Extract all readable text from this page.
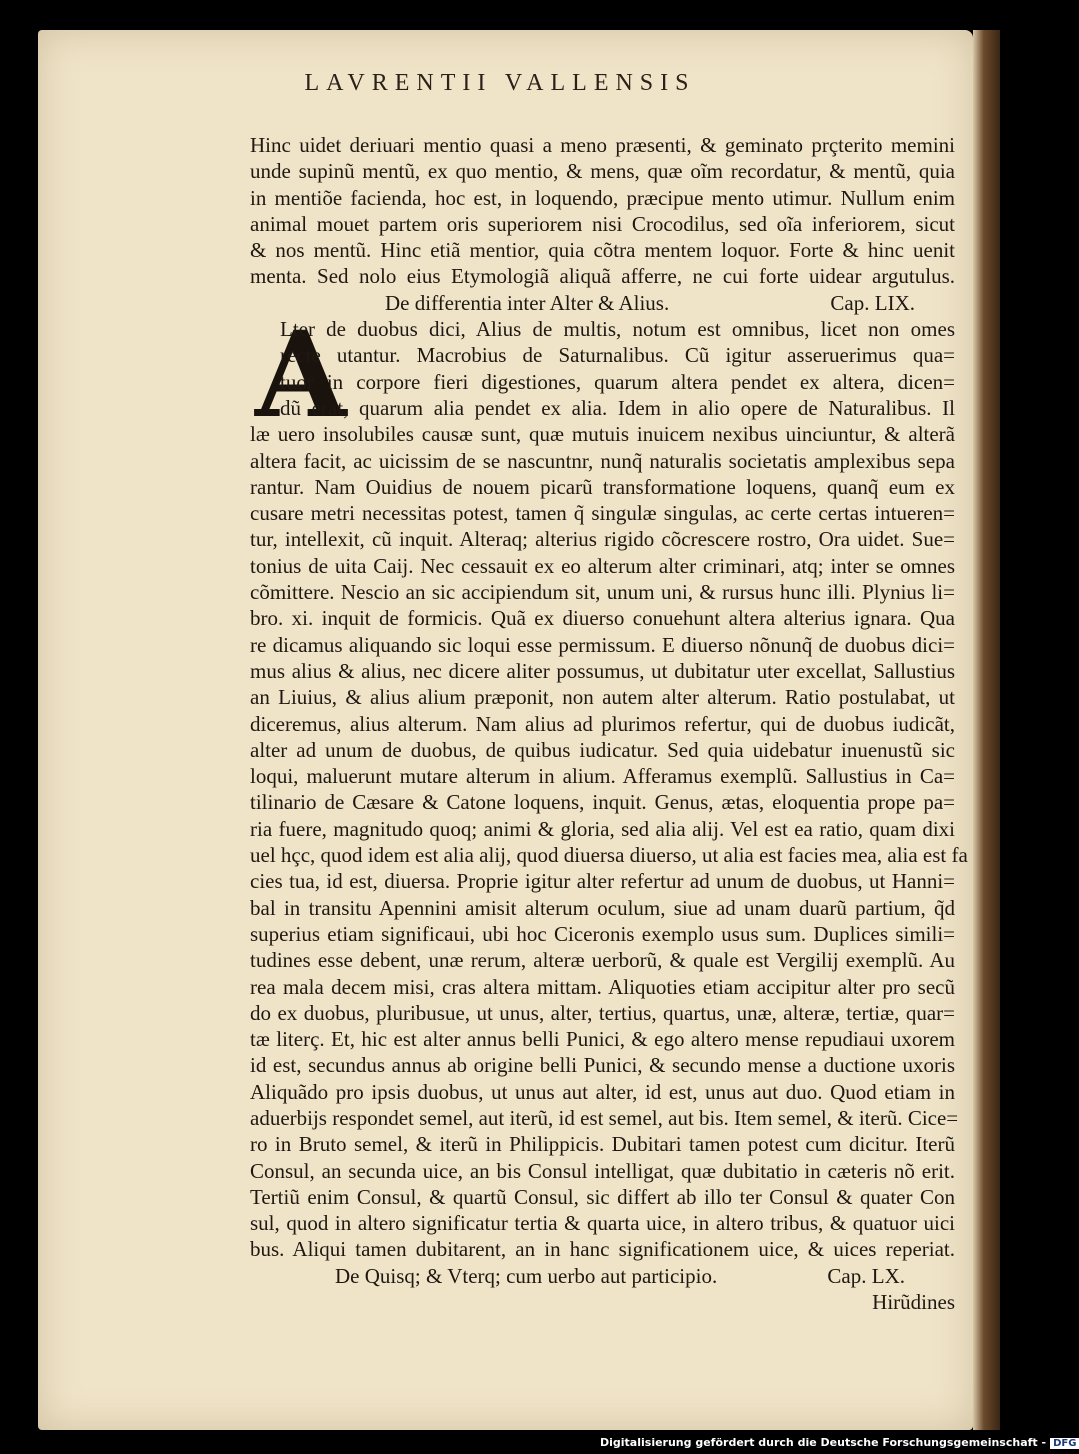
LAVRENTII VALLENSIS
A
Hinc uidet deriuari mentio quasi a meno præsenti, & geminato prçterito memini
unde supinũ mentũ, ex quo mentio, & mens, quæ oĩm recordatur, & mentũ, quia
in mentiõe facienda, hoc est, in loquendo, præcipue mento utimur. Nullum enim
animal mouet partem oris superiorem nisi Crocodilus, sed oĩa inferiorem, sicut
& nos mentũ. Hinc etiã mentior, quia cõtra mentem loquor. Forte & hinc uenit
menta. Sed nolo eius Etymologiã aliquã afferre, ne cui forte uidear argutulus.
De differentia inter Alter & Alius.	Cap. LIX.
Lter de duobus dici, Alius de multis, notum est omnibus, licet non omes
recte utantur. Macrobius de Saturnalibus. Cũ igitur asseruerimus qua=
tuor in corpore fieri digestiones, quarum altera pendet ex altera, dicen=
dũ erat, quarum alia pendet ex alia. Idem in alio opere de Naturalibus. Il
læ uero insolubiles causæ sunt, quæ mutuis inuicem nexibus uinciuntur, & alterã
altera facit, ac uicissim de se nascuntnr, nunq̃ naturalis societatis amplexibus sepa
rantur. Nam Ouidius de nouem picarũ transformatione loquens, quanq̃ eum ex
cusare metri necessitas potest, tamen q̃ singulæ singulas, ac certe certas intueren=
tur, intellexit, cũ inquit. Alteraq; alterius rigido cõcrescere rostro, Ora uidet. Sue=
tonius de uita Caij. Nec cessauit ex eo alterum alter criminari, atq; inter se omnes
cõmittere. Nescio an sic accipiendum sit, unum uni, & rursus hunc illi. Plynius li=
bro. xi. inquit de formicis. Quã ex diuerso conuehunt altera alterius ignara. Qua
re dicamus aliquando sic loqui esse permissum. E diuerso nõnunq̃ de duobus dici=
mus alius & alius, nec dicere aliter possumus, ut dubitatur uter excellat, Sallustius
an Liuius, & alius alium præponit, non autem alter alterum. Ratio postulabat, ut
diceremus, alius alterum. Nam alius ad plurimos refertur, qui de duobus iudicãt,
alter ad unum de duobus, de quibus iudicatur. Sed quia uidebatur inuenustũ sic
loqui, maluerunt mutare alterum in alium. Afferamus exemplũ. Sallustius in Ca=
tilinario de Cæsare & Catone loquens, inquit. Genus, ætas, eloquentia prope pa=
ria fuere, magnitudo quoq; animi & gloria, sed alia alij. Vel est ea ratio, quam dixi
uel hçc, quod idem est alia alij, quod diuersa diuerso, ut alia est facies mea, alia est fa
cies tua, id est, diuersa. Proprie igitur alter refertur ad unum de duobus, ut Hanni=
bal in transitu Apennini amisit alterum oculum, siue ad unam duarũ partium, q̃d
superius etiam significaui, ubi hoc Ciceronis exemplo usus sum. Duplices simili=
tudines esse debent, unæ rerum, alteræ uerborũ, & quale est Vergilij exemplũ. Au
rea mala decem misi, cras altera mittam. Aliquoties etiam accipitur alter pro secũ
do ex duobus, pluribusue, ut unus, alter, tertius, quartus, unæ, alteræ, tertiæ, quar=
tæ literç. Et, hic est alter annus belli Punici, & ego altero mense repudiaui uxorem
id est, secundus annus ab origine belli Punici, & secundo mense a ductione uxoris
Aliquãdo pro ipsis duobus, ut unus aut alter, id est, unus aut duo. Quod etiam in
aduerbijs respondet semel, aut iterũ, id est semel, aut bis. Item semel, & iterũ. Cice=
ro in Bruto semel, & iterũ in Philippicis. Dubitari tamen potest cum dicitur. Iterũ
Consul, an secunda uice, an bis Consul intelligat, quæ dubitatio in cæteris nõ erit.
Tertiũ enim Consul, & quartũ Consul, sic differt ab illo ter Consul & quater Con
sul, quod in altero significatur tertia & quarta uice, in altero tribus, & quatuor uici
bus. Aliqui tamen dubitarent, an in hanc significationem uice, & uices reperiat.
De Quisq; & Vterq; cum uerbo aut participio.	Cap. LX.
Hirũdines
Digitalisierung gefördert durch die Deutsche Forschungsgemeinschaft - DFG
